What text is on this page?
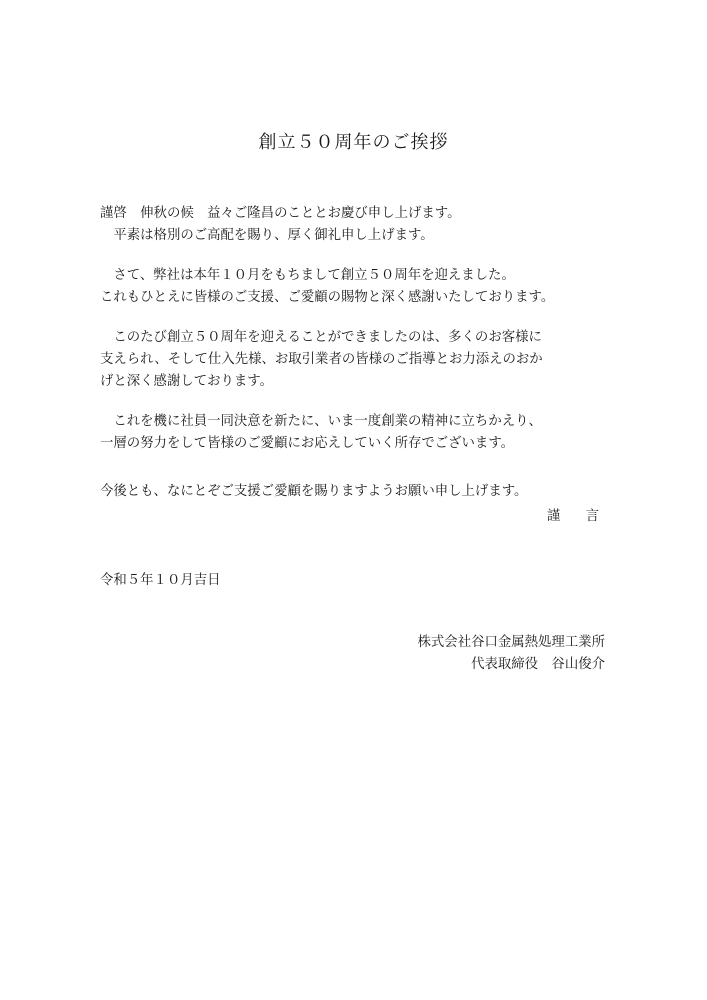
創立５０周年のご挨拶
謹啓　伸秋の候　益々ご隆昌のこととお慶び申し上げます。
　平素は格別のご高配を賜り、厚く御礼申し上げます。
　さて、弊社は本年１０月をもちまして創立５０周年を迎えました。
これもひとえに皆様のご支援、ご愛顧の賜物と深く感謝いたしております。
　このたび創立５０周年を迎えることができましたのは、多くのお客様に
支えられ、そして仕入先様、お取引業者の皆様のご指導とお力添えのおか
げと深く感謝しております。
　これを機に社員一同決意を新たに、いま一度創業の精神に立ちかえり、
一層の努力をして皆様のご愛顧にお応えしていく所存でございます。
今後とも、なにとぞご支援ご愛顧を賜りますようお願い申し上げます。
謹　言
令和５年１０月吉日
株式会社谷口金属熱処理工業所
代表取締役　谷山俊介
